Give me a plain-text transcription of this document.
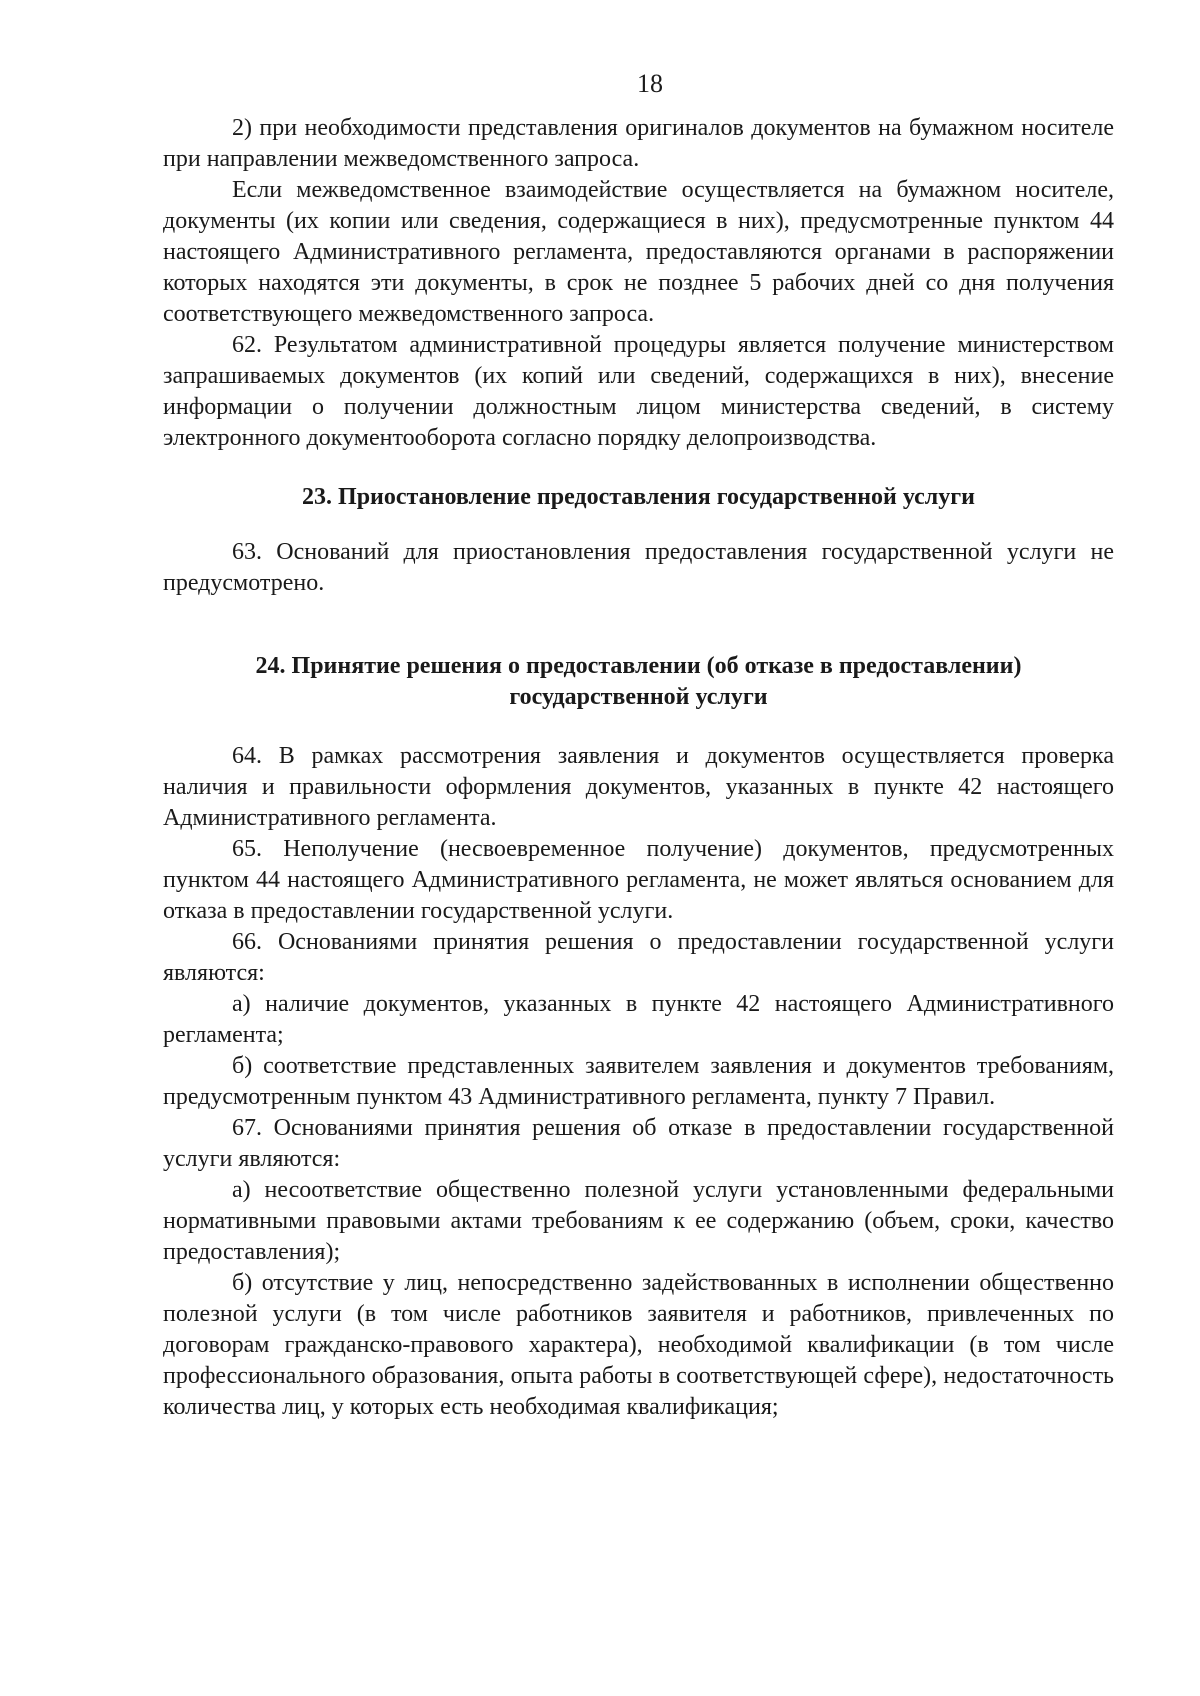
18

2) при необходимости представления оригиналов документов на бумажном носителе при направлении межведомственного запроса.

Если межведомственное взаимодействие осуществляется на бумажном носителе, документы (их копии или сведения, содержащиеся в них), предусмотренные пунктом 44 настоящего Административного регламента, предоставляются органами в распоряжении которых находятся эти документы, в срок не позднее 5 рабочих дней со дня получения соответствующего межведомственного запроса.

62. Результатом административной процедуры является получение министерством запрашиваемых документов (их копий или сведений, содержащихся в них), внесение информации о получении должностным лицом министерства сведений, в систему электронного документооборота согласно порядку делопроизводства.

23. Приостановление предоставления государственной услуги

63. Оснований для приостановления предоставления государственной услуги не предусмотрено.

24. Принятие решения о предоставлении (об отказе в предоставлении)
государственной услуги

64. В рамках рассмотрения заявления и документов осуществляется проверка наличия и правильности оформления документов, указанных в пункте 42 настоящего Административного регламента.

65. Неполучение (несвоевременное получение) документов, предусмотренных пунктом 44 настоящего Административного регламента, не может являться основанием для отказа в предоставлении государственной услуги.

66. Основаниями принятия решения о предоставлении государственной услуги являются:

а) наличие документов, указанных в пункте 42 настоящего Административного регламента;

б) соответствие представленных заявителем заявления и документов требованиям, предусмотренным пунктом 43 Административного регламента, пункту 7 Правил.

67. Основаниями принятия решения об отказе в предоставлении государственной услуги являются:

а) несоответствие общественно полезной услуги установленными федеральными нормативными правовыми актами требованиям к ее содержанию (объем, сроки, качество предоставления);

б) отсутствие у лиц, непосредственно задействованных в исполнении общественно полезной услуги (в том числе работников заявителя и работников, привлеченных по договорам гражданско-правового характера), необходимой квалификации (в том числе профессионального образования, опыта работы в соответствующей сфере), недостаточность количества лиц, у которых есть необходимая квалификация;
